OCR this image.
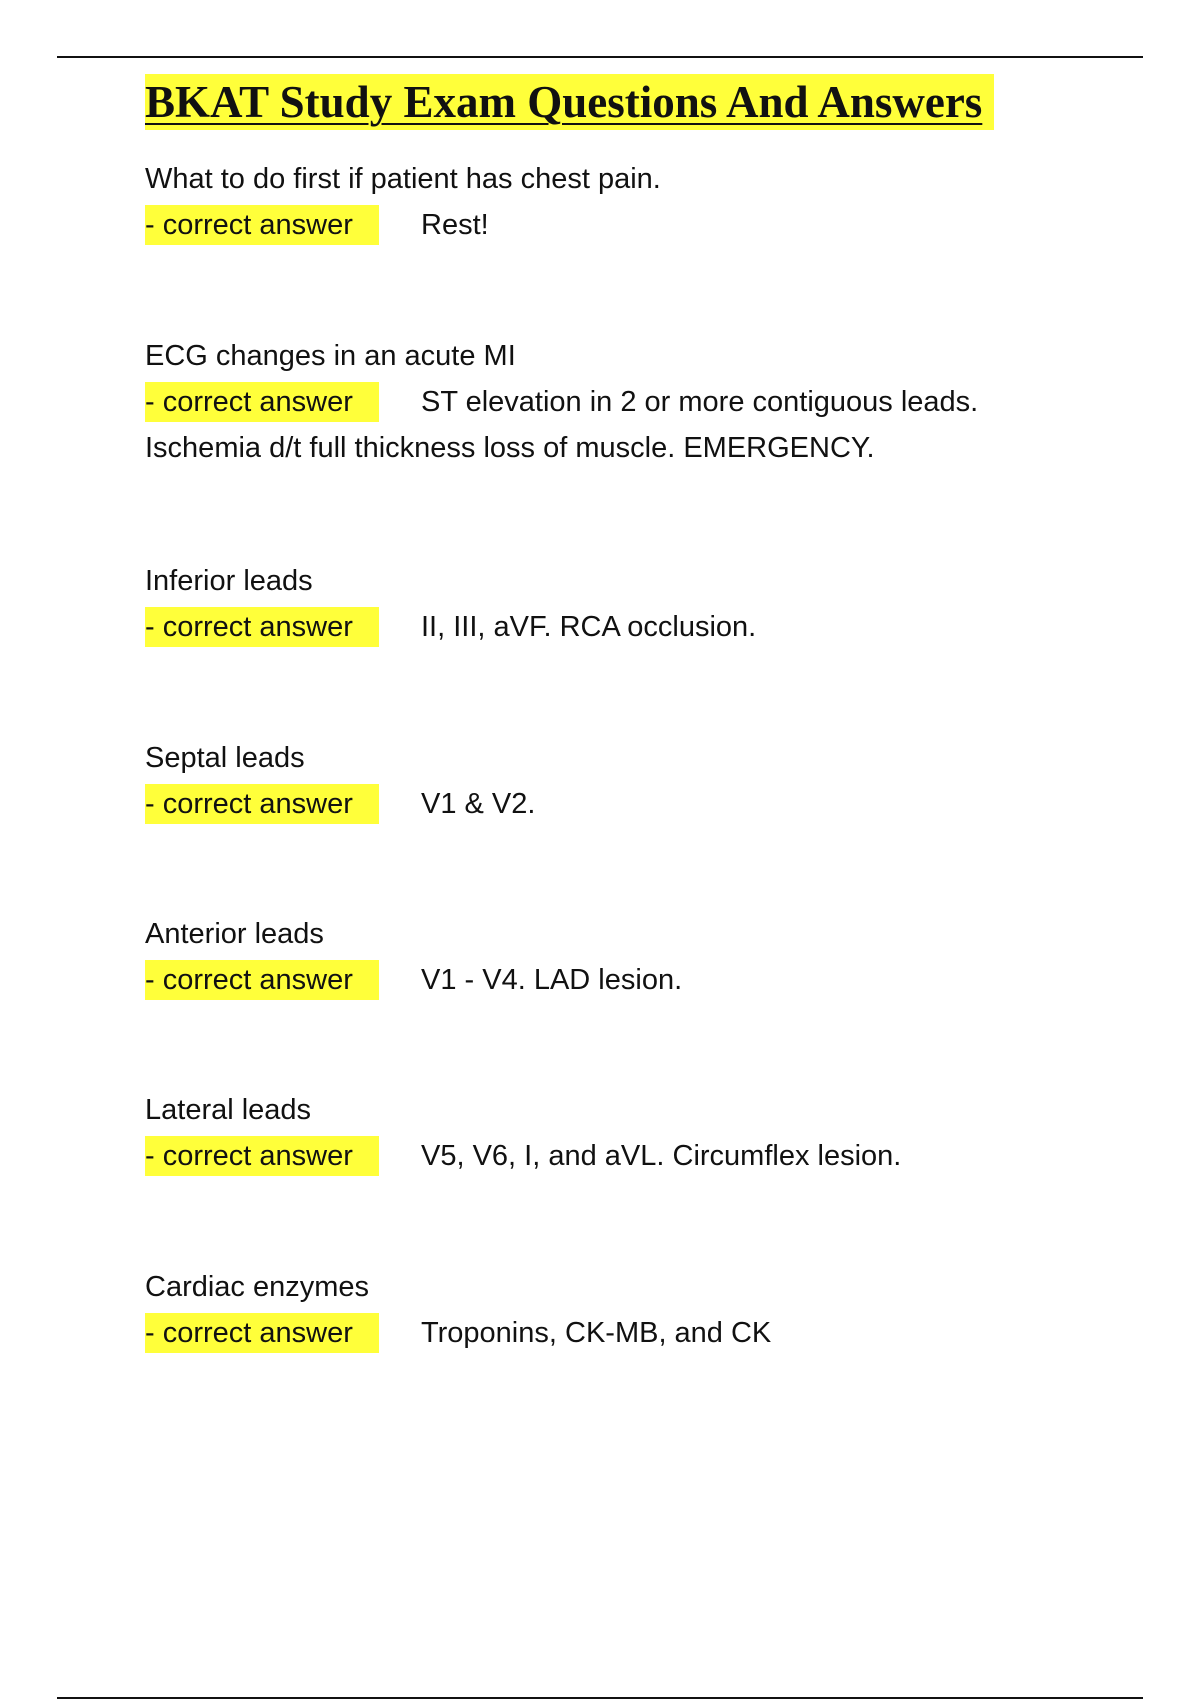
BKAT Study Exam Questions And Answers
What to do first if patient has chest pain.
- correct answer	Rest!
ECG changes in an acute MI
- correct answer	ST elevation in 2 or more contiguous leads.
Ischemia d/t full thickness loss of muscle. EMERGENCY.
Inferior leads
- correct answer	II, III, aVF. RCA occlusion.
Septal leads
- correct answer	V1 & V2.
Anterior leads
- correct answer	V1 - V4. LAD lesion.
Lateral leads
- correct answer	V5, V6, I, and aVL. Circumflex lesion.
Cardiac enzymes
- correct answer	Troponins, CK-MB, and CK
